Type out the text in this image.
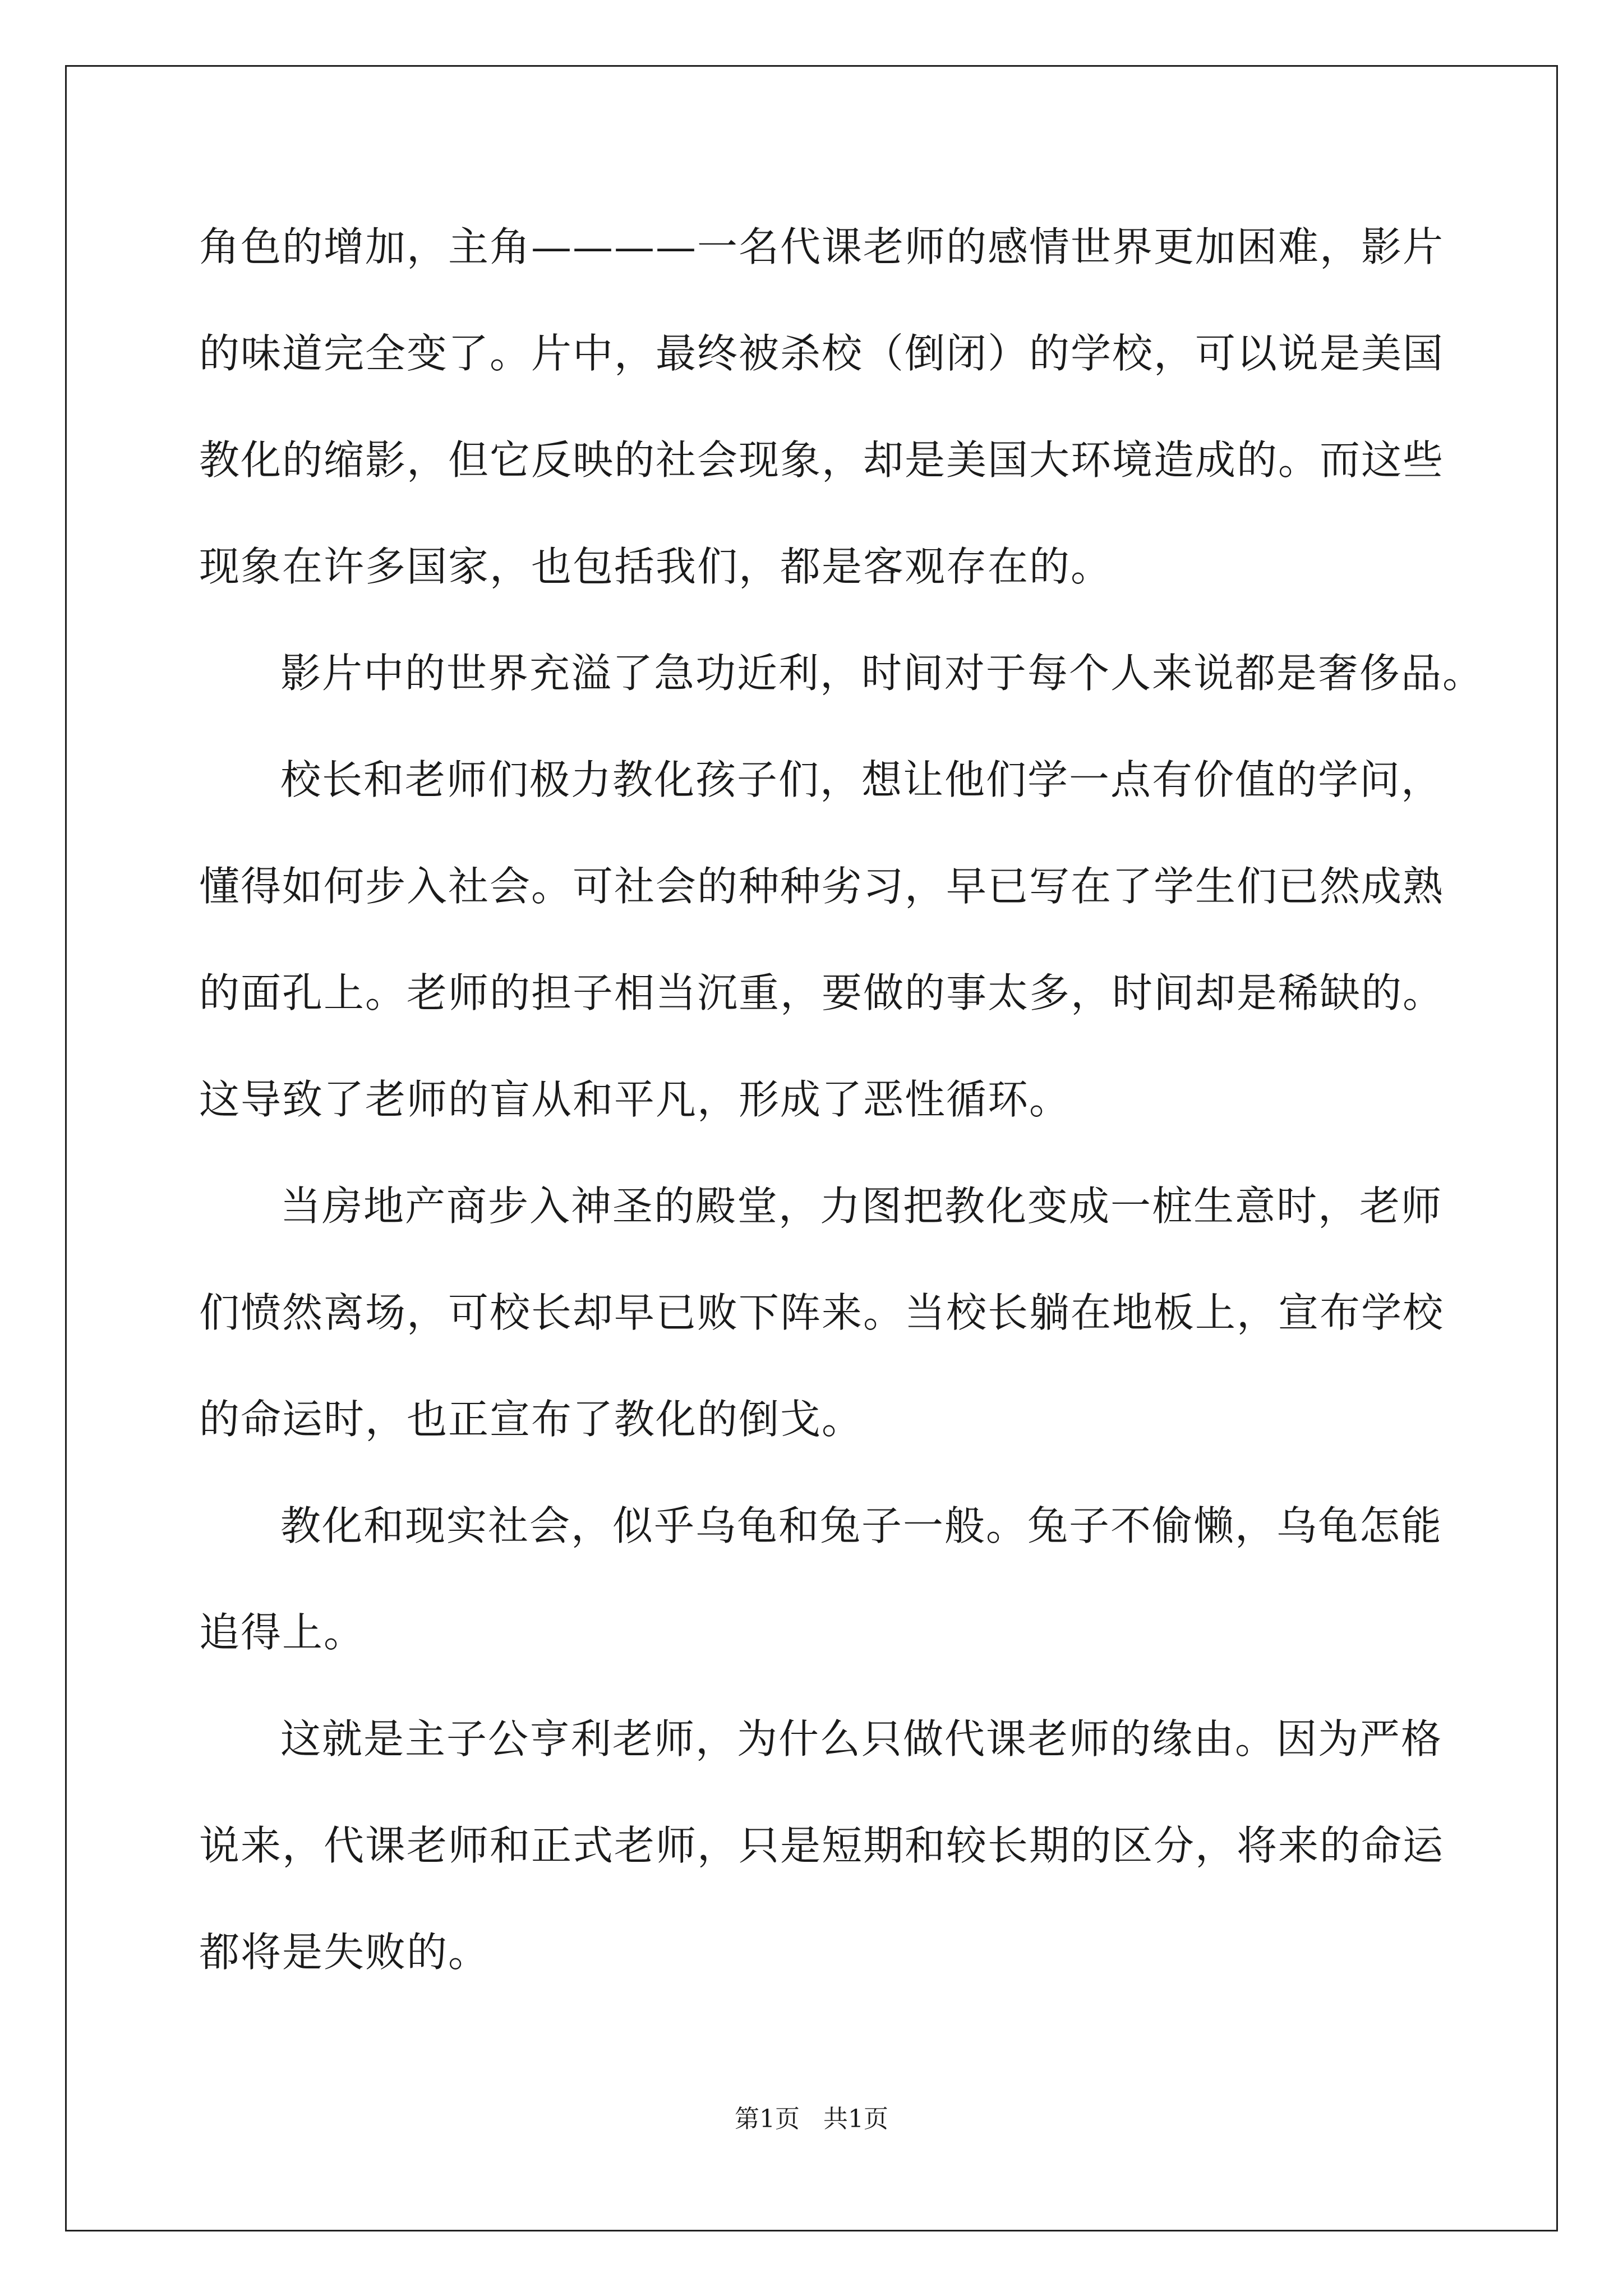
角色的增加，主角————一名代课老师的感情世界更加困难，影片
的味道完全变了。片中，最终被杀校（倒闭）的学校，可以说是美国
教化的缩影，但它反映的社会现象，却是美国大环境造成的。而这些
现象在许多国家，也包括我们，都是客观存在的。
影片中的世界充溢了急功近利，时间对于每个人来说都是奢侈品。
校长和老师们极力教化孩子们，想让他们学一点有价值的学问，
懂得如何步入社会。可社会的种种劣习，早已写在了学生们已然成熟
的面孔上。老师的担子相当沉重，要做的事太多，时间却是稀缺的。
这导致了老师的盲从和平凡，形成了恶性循环。
当房地产商步入神圣的殿堂，力图把教化变成一桩生意时，老师
们愤然离场，可校长却早已败下阵来。当校长躺在地板上，宣布学校
的命运时，也正宣布了教化的倒戈。
教化和现实社会，似乎乌龟和兔子一般。兔子不偷懒，乌龟怎能
追得上。
这就是主子公亨利老师，为什么只做代课老师的缘由。因为严格
说来，代课老师和正式老师，只是短期和较长期的区分，将来的命运
都将是失败的。
第1页   共1页
